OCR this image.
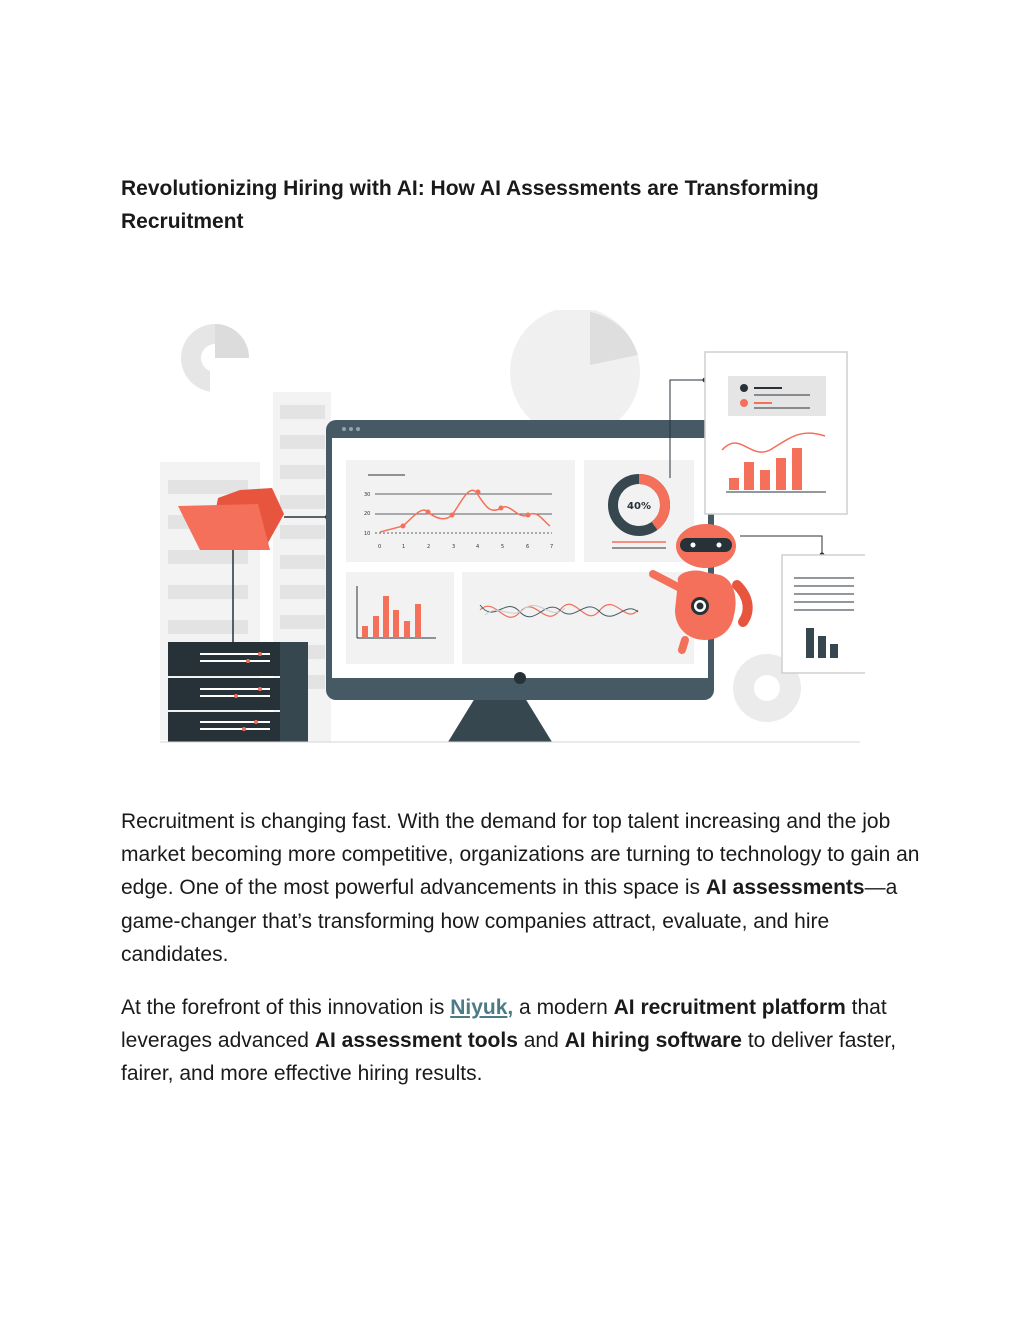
Revolutionizing Hiring with AI: How AI Assessments are Transforming Recruitment
30
20
10
0	1	2	3	4	5	6	7
40%

Recruitment is changing fast. With the demand for top talent increasing and the job market becoming more competitive, organizations are turning to technology to gain an edge. One of the most powerful advancements in this space is AI assessments—a game-changer that’s transforming how companies attract, evaluate, and hire candidates.

At the forefront of this innovation is Niyuk, a modern AI recruitment platform that leverages advanced AI assessment tools and AI hiring software to deliver faster, fairer, and more effective hiring results.
